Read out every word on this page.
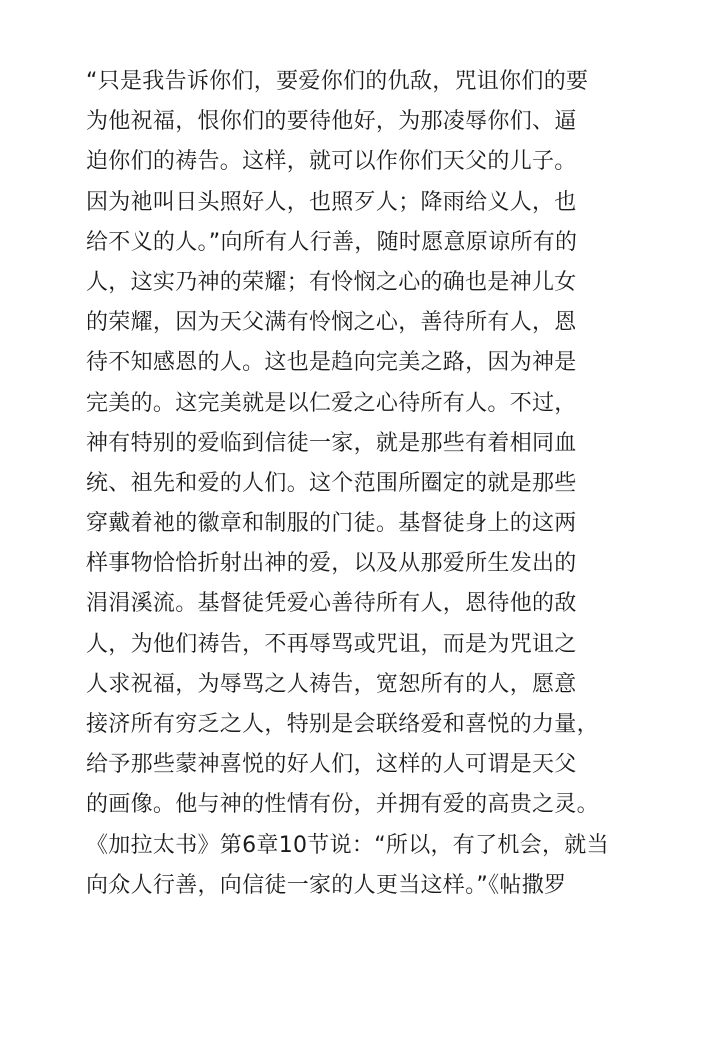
“只是我告诉你们，要爱你们的仇敌，咒诅你们的要
为他祝福，恨你们的要待他好，为那凌辱你们、逼
迫你们的祷告。这样，就可以作你们天父的儿子。
因为祂叫日头照好人，也照歹人；降雨给义人，也
给不义的人。”向所有人行善，随时愿意原谅所有的
人，这实乃神的荣耀；有怜悯之心的确也是神儿女
的荣耀，因为天父满有怜悯之心，善待所有人，恩
待不知感恩的人。这也是趋向完美之路，因为神是
完美的。这完美就是以仁爱之心待所有人。不过，
神有特别的爱临到信徒一家，就是那些有着相同血
统、祖先和爱的人们。这个范围所圈定的就是那些
穿戴着祂的徽章和制服的门徒。基督徒身上的这两
样事物恰恰折射出神的爱，以及从那爱所生发出的
涓涓溪流。基督徒凭爱心善待所有人，恩待他的敌
人，为他们祷告，不再辱骂或咒诅，而是为咒诅之
人求祝福，为辱骂之人祷告，宽恕所有的人，愿意
接济所有穷乏之人，特别是会联络爱和喜悦的力量，
给予那些蒙神喜悦的好人们，这样的人可谓是天父
的画像。他与神的性情有份，并拥有爱的高贵之灵。
《加拉太书》第6章10节说：“所以，有了机会，就当
向众人行善，向信徒一家的人更当这样。”《帖撒罗
